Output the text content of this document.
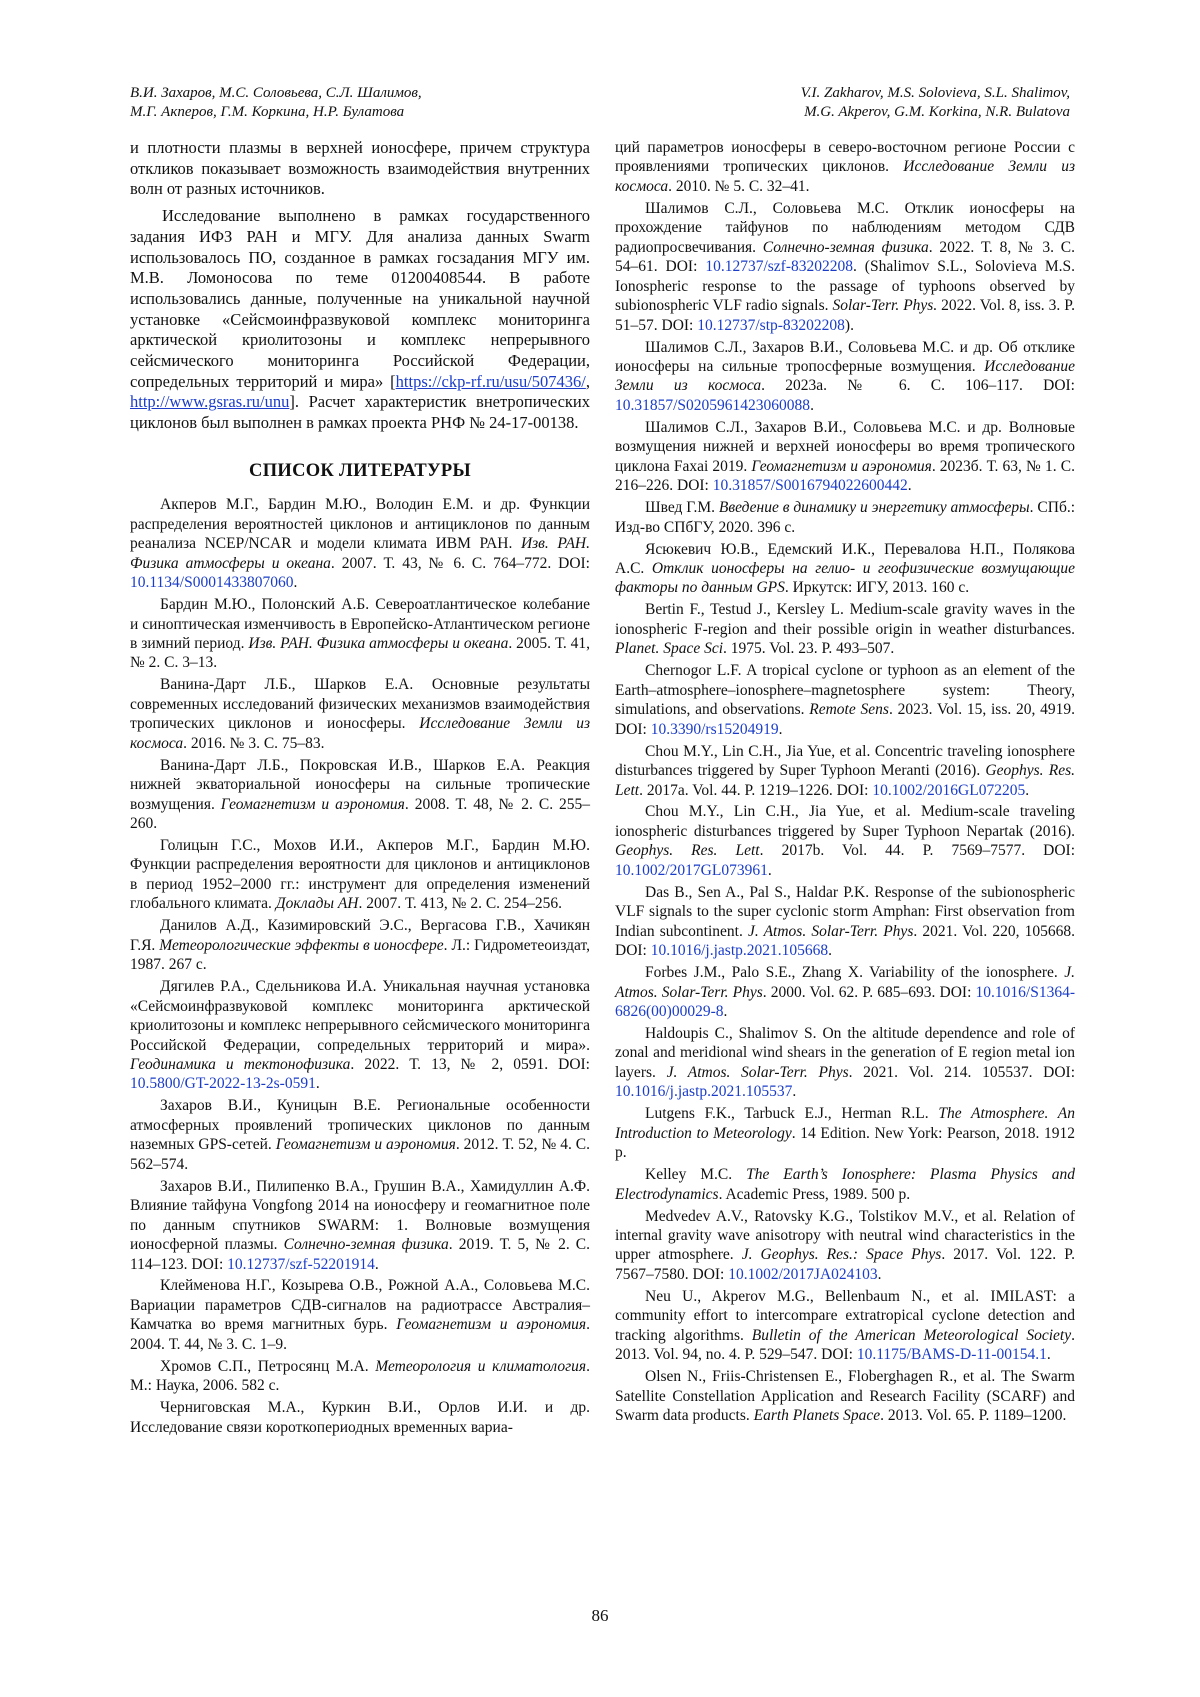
В.И. Захаров, М.С. Соловьева, С.Л. Шалимов,
М.Г. Акперов, Г.М. Коркина, Н.Р. Булатова
V.I. Zakharov, M.S. Solovieva, S.L. Shalimov,
M.G. Akperov, G.M. Korkina, N.R. Bulatova

и плотности плазмы в верхней ионосфере, причем структура откликов показывает возможность взаимодействия внутренних волн от разных источников.

Исследование выполнено в рамках государственного задания ИФЗ РАН и МГУ. Для анализа данных Swarm использовалось ПО, созданное в рамках госзадания МГУ им. М.В. Ломоносова по теме 01200408544. В работе использовались данные, полученные на уникальной научной установке «Сейсмоинфразвуковой комплекс мониторинга арктической криолитозоны и комплекс непрерывного сейсмического мониторинга Российской Федерации, сопредельных территорий и мира» [https://ckp-rf.ru/usu/507436/, http://www.gsras.ru/unu]. Расчет характеристик внетропических циклонов был выполнен в рамках проекта РНФ № 24-17-00138.

СПИСОК ЛИТЕРАТУРЫ

Акперов М.Г., Бардин М.Ю., Володин Е.М. и др. Функции распределения вероятностей циклонов и антициклонов по данным реанализа NCEP/NCAR и модели климата ИВМ РАН. Изв. РАН. Физика атмосферы и океана. 2007. Т. 43, № 6. С. 764–772. DOI: 10.1134/S0001433807060.

Бардин М.Ю., Полонский А.Б. Североатлантическое колебание и синоптическая изменчивость в Европейско-Атлантическом регионе в зимний период. Изв. РАН. Физика атмосферы и океана. 2005. Т. 41, № 2. С. 3–13.

Ванина-Дарт Л.Б., Шарков Е.А. Основные результаты современных исследований физических механизмов взаимодействия тропических циклонов и ионосферы. Исследование Земли из космоса. 2016. № 3. С. 75–83.

Ванина-Дарт Л.Б., Покровская И.В., Шарков Е.А. Реакция нижней экваториальной ионосферы на сильные тропические возмущения. Геомагнетизм и аэрономия. 2008. Т. 48, № 2. С. 255–260.

Голицын Г.С., Мохов И.И., Акперов М.Г., Бардин М.Ю. Функции распределения вероятности для циклонов и антициклонов в период 1952–2000 гг.: инструмент для определения изменений глобального климата. Доклады АН. 2007. Т. 413, № 2. С. 254–256.

Данилов А.Д., Казимировский Э.С., Вергасова Г.В., Хачикян Г.Я. Метеорологические эффекты в ионосфере. Л.: Гидрометеоиздат, 1987. 267 с.

Дягилев Р.А., Сдельникова И.А. Уникальная научная установка «Сейсмоинфразвуковой комплекс мониторинга арктической криолитозоны и комплекс непрерывного сейсмического мониторинга Российской Федерации, сопредельных территорий и мира». Геодинамика и тектонофизика. 2022. Т. 13, № 2, 0591. DOI: 10.5800/GT-2022-13-2s-0591.

Захаров В.И., Куницын В.Е. Региональные особенности атмосферных проявлений тропических циклонов по данным наземных GPS-сетей. Геомагнетизм и аэрономия. 2012. Т. 52, № 4. С. 562–574.

Захаров В.И., Пилипенко В.А., Грушин В.А., Хамидуллин А.Ф. Влияние тайфуна Vongfong 2014 на ионосферу и геомагнитное поле по данным спутников SWARM: 1. Волновые возмущения ионосферной плазмы. Солнечно-земная физика. 2019. Т. 5, № 2. С. 114–123. DOI: 10.12737/szf-52201914.

Клейменова Н.Г., Козырева О.В., Рожной А.А., Соловьева М.С. Вариации параметров СДВ-сигналов на радиотрассе Австралия–Камчатка во время магнитных бурь. Геомагнетизм и аэрономия. 2004. Т. 44, № 3. С. 1–9.

Хромов С.П., Петросянц М.А. Метеорология и климатология. М.: Наука, 2006. 582 с.

Черниговская М.А., Куркин В.И., Орлов И.И. и др. Исследование связи короткопериодных временных вариа-

ций параметров ионосферы в северо-восточном регионе России с проявлениями тропических циклонов. Исследование Земли из космоса. 2010. № 5. С. 32–41.

Шалимов С.Л., Соловьева М.С. Отклик ионосферы на прохождение тайфунов по наблюдениям методом СДВ радиопросвечивания. Солнечно-земная физика. 2022. Т. 8, № 3. С. 54–61. DOI: 10.12737/szf-83202208. (Shalimov S.L., Solovieva M.S. Ionospheric response to the passage of typhoons observed by subionospheric VLF radio signals. Solar-Terr. Phys. 2022. Vol. 8, iss. 3. P. 51–57. DOI: 10.12737/stp-83202208).

Шалимов С.Л., Захаров В.И., Соловьева М.С. и др. Об отклике ионосферы на сильные тропосферные возмущения. Исследование Земли из космоса. 2023а. № 6. С. 106–117. DOI: 10.31857/S0205961423060088.

Шалимов С.Л., Захаров В.И., Соловьева М.С. и др. Волновые возмущения нижней и верхней ионосферы во время тропического циклона Faxai 2019. Геомагнетизм и аэрономия. 2023б. Т. 63, № 1. С. 216–226. DOI: 10.31857/S0016794022600442.

Швед Г.М. Введение в динамику и энергетику атмосферы. СПб.: Изд-во СПбГУ, 2020. 396 с.

Ясюкевич Ю.В., Едемский И.К., Перевалова Н.П., Полякова А.С. Отклик ионосферы на гелио- и геофизические возмущающие факторы по данным GPS. Иркутск: ИГУ, 2013. 160 с.

Bertin F., Testud J., Kersley L. Medium-scale gravity waves in the ionospheric F-region and their possible origin in weather disturbances. Planet. Space Sci. 1975. Vol. 23. P. 493–507.

Chernogor L.F. A tropical cyclone or typhoon as an element of the Earth–atmosphere–ionosphere–magnetosphere system: Theory, simulations, and observations. Remote Sens. 2023. Vol. 15, iss. 20, 4919. DOI: 10.3390/rs15204919.

Chou M.Y., Lin C.H., Jia Yue, et al. Concentric traveling ionosphere disturbances triggered by Super Typhoon Meranti (2016). Geophys. Res. Lett. 2017a. Vol. 44. P. 1219–1226. DOI: 10.1002/2016GL072205.

Chou M.Y., Lin C.H., Jia Yue, et al. Medium-scale traveling ionospheric disturbances triggered by Super Typhoon Nepartak (2016). Geophys. Res. Lett. 2017b. Vol. 44. P. 7569–7577. DOI: 10.1002/2017GL073961.

Das B., Sen A., Pal S., Haldar P.K. Response of the subionospheric VLF signals to the super cyclonic storm Amphan: First observation from Indian subcontinent. J. Atmos. Solar-Terr. Phys. 2021. Vol. 220, 105668. DOI: 10.1016/j.jastp.2021.105668.

Forbes J.M., Palo S.E., Zhang X. Variability of the ionosphere. J. Atmos. Solar-Terr. Phys. 2000. Vol. 62. P. 685–693. DOI: 10.1016/S1364-6826(00)00029-8.

Haldoupis C., Shalimov S. On the altitude dependence and role of zonal and meridional wind shears in the generation of E region metal ion layers. J. Atmos. Solar-Terr. Phys. 2021. Vol. 214. 105537. DOI: 10.1016/j.jastp.2021.105537.

Lutgens F.K., Tarbuck E.J., Herman R.L. The Atmosphere. An Introduction to Meteorology. 14 Edition. New York: Pearson, 2018. 1912 p.

Kelley M.C. The Earth’s Ionosphere: Plasma Physics and Electrodynamics. Academic Press, 1989. 500 p.

Medvedev A.V., Ratovsky K.G., Tolstikov M.V., et al. Relation of internal gravity wave anisotropy with neutral wind characteristics in the upper atmosphere. J. Geophys. Res.: Space Phys. 2017. Vol. 122. P. 7567–7580. DOI: 10.1002/2017JA024103.

Neu U., Akperov M.G., Bellenbaum N., et al. IMILAST: a community effort to intercompare extratropical cyclone detection and tracking algorithms. Bulletin of the American Meteorological Society. 2013. Vol. 94, no. 4. P. 529–547. DOI: 10.1175/BAMS-D-11-00154.1.

Olsen N., Friis-Christensen E., Floberghagen R., et al. The Swarm Satellite Constellation Application and Research Facility (SCARF) and Swarm data products. Earth Planets Space. 2013. Vol. 65. P. 1189–1200.

86
